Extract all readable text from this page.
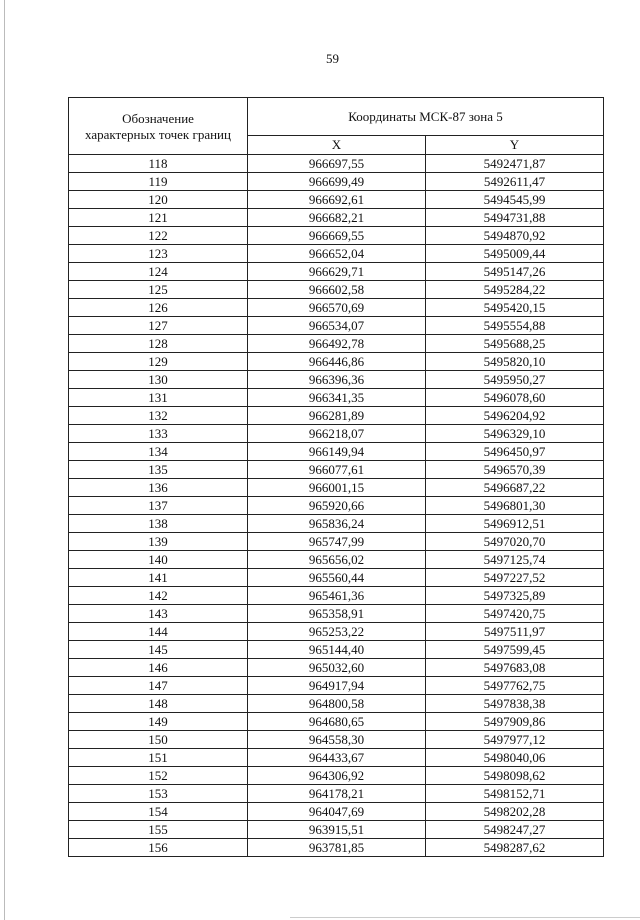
59
Обозначение
характерных точек границ	Координаты МСК-87 зона 5	
	X	Y
118	966697,55	5492471,87
119	966699,49	5492611,47
120	966692,61	5494545,99
121	966682,21	5494731,88
122	966669,55	5494870,92
123	966652,04	5495009,44
124	966629,71	5495147,26
125	966602,58	5495284,22
126	966570,69	5495420,15
127	966534,07	5495554,88
128	966492,78	5495688,25
129	966446,86	5495820,10
130	966396,36	5495950,27
131	966341,35	5496078,60
132	966281,89	5496204,92
133	966218,07	5496329,10
134	966149,94	5496450,97
135	966077,61	5496570,39
136	966001,15	5496687,22
137	965920,66	5496801,30
138	965836,24	5496912,51
139	965747,99	5497020,70
140	965656,02	5497125,74
141	965560,44	5497227,52
142	965461,36	5497325,89
143	965358,91	5497420,75
144	965253,22	5497511,97
145	965144,40	5497599,45
146	965032,60	5497683,08
147	964917,94	5497762,75
148	964800,58	5497838,38
149	964680,65	5497909,86
150	964558,30	5497977,12
151	964433,67	5498040,06
152	964306,92	5498098,62
153	964178,21	5498152,71
154	964047,69	5498202,28
155	963915,51	5498247,27
156	963781,85	5498287,62
